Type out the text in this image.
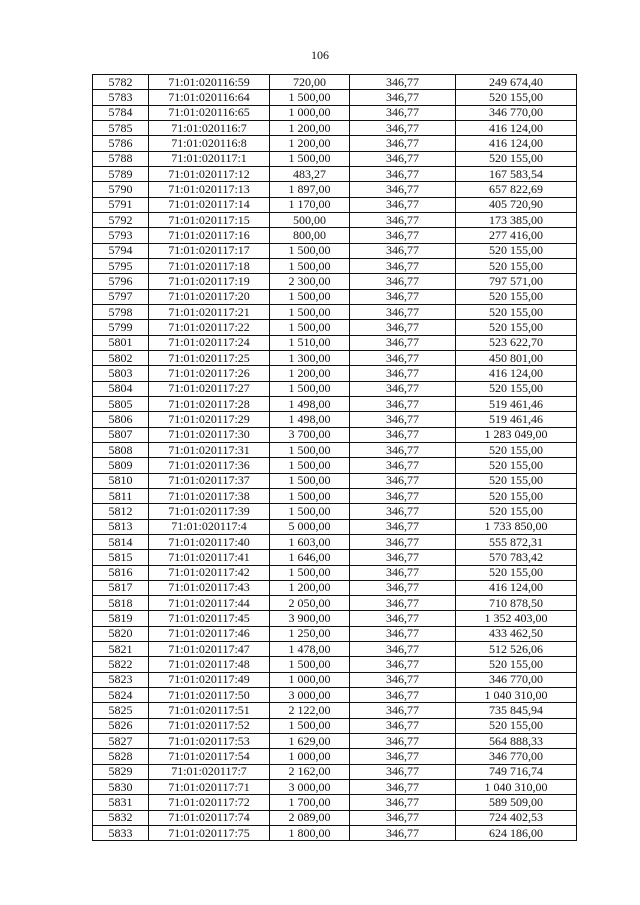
106
5782	71:01:020116:59	720,00	346,77	249 674,40
5783	71:01:020116:64	1 500,00	346,77	520 155,00
5784	71:01:020116:65	1 000,00	346,77	346 770,00
5785	71:01:020116:7	1 200,00	346,77	416 124,00
5786	71:01:020116:8	1 200,00	346,77	416 124,00
5788	71:01:020117:1	1 500,00	346,77	520 155,00
5789	71:01:020117:12	483,27	346,77	167 583,54
5790	71:01:020117:13	1 897,00	346,77	657 822,69
5791	71:01:020117:14	1 170,00	346,77	405 720,90
5792	71:01:020117:15	500,00	346,77	173 385,00
5793	71:01:020117:16	800,00	346,77	277 416,00
5794	71:01:020117:17	1 500,00	346,77	520 155,00
5795	71:01:020117:18	1 500,00	346,77	520 155,00
5796	71:01:020117:19	2 300,00	346,77	797 571,00
5797	71:01:020117:20	1 500,00	346,77	520 155,00
5798	71:01:020117:21	1 500,00	346,77	520 155,00
5799	71:01:020117:22	1 500,00	346,77	520 155,00
5801	71:01:020117:24	1 510,00	346,77	523 622,70
5802	71:01:020117:25	1 300,00	346,77	450 801,00
5803	71:01:020117:26	1 200,00	346,77	416 124,00
5804	71:01:020117:27	1 500,00	346,77	520 155,00
5805	71:01:020117:28	1 498,00	346,77	519 461,46
5806	71:01:020117:29	1 498,00	346,77	519 461,46
5807	71:01:020117:30	3 700,00	346,77	1 283 049,00
5808	71:01:020117:31	1 500,00	346,77	520 155,00
5809	71:01:020117:36	1 500,00	346,77	520 155,00
5810	71:01:020117:37	1 500,00	346,77	520 155,00
5811	71:01:020117:38	1 500,00	346,77	520 155,00
5812	71:01:020117:39	1 500,00	346,77	520 155,00
5813	71:01:020117:4	5 000,00	346,77	1 733 850,00
5814	71:01:020117:40	1 603,00	346,77	555 872,31
5815	71:01:020117:41	1 646,00	346,77	570 783,42
5816	71:01:020117:42	1 500,00	346,77	520 155,00
5817	71:01:020117:43	1 200,00	346,77	416 124,00
5818	71:01:020117:44	2 050,00	346,77	710 878,50
5819	71:01:020117:45	3 900,00	346,77	1 352 403,00
5820	71:01:020117:46	1 250,00	346,77	433 462,50
5821	71:01:020117:47	1 478,00	346,77	512 526,06
5822	71:01:020117:48	1 500,00	346,77	520 155,00
5823	71:01:020117:49	1 000,00	346,77	346 770,00
5824	71:01:020117:50	3 000,00	346,77	1 040 310,00
5825	71:01:020117:51	2 122,00	346,77	735 845,94
5826	71:01:020117:52	1 500,00	346,77	520 155,00
5827	71:01:020117:53	1 629,00	346,77	564 888,33
5828	71:01:020117:54	1 000,00	346,77	346 770,00
5829	71:01:020117:7	2 162,00	346,77	749 716,74
5830	71:01:020117:71	3 000,00	346,77	1 040 310,00
5831	71:01:020117:72	1 700,00	346,77	589 509,00
5832	71:01:020117:74	2 089,00	346,77	724 402,53
5833	71:01:020117:75	1 800,00	346,77	624 186,00
